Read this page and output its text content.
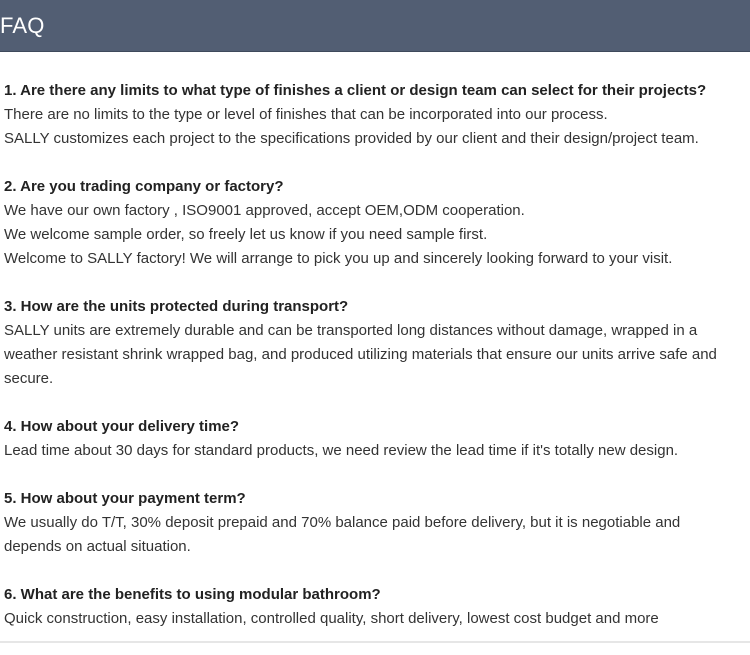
FAQ
1. Are there any limits to what type of finishes a client or design team can select for their projects?
There are no limits to the type or level of finishes that can be incorporated into our process.
SALLY customizes each project to the specifications provided by our client and their design/project team.
2. Are you trading company or factory?
We have our own factory , ISO9001 approved, accept OEM,ODM cooperation.
We welcome sample order, so freely let us know if you need sample first.
Welcome to SALLY factory! We will arrange to pick you up and sincerely looking forward to your visit.
3. How are the units protected during transport?
SALLY units are extremely durable and can be transported long distances without damage, wrapped in a weather resistant shrink wrapped bag, and produced utilizing materials that ensure our units arrive safe and secure.
4. How about your delivery time?
Lead time about 30 days for standard products, we need review the lead time if it's totally new design.
5. How about your payment term?
We usually do T/T, 30% deposit prepaid and 70% balance paid before delivery, but it is negotiable and depends on actual situation.
6. What are the benefits to using modular bathroom?
Quick construction, easy installation, controlled quality, short delivery, lowest cost budget and more
